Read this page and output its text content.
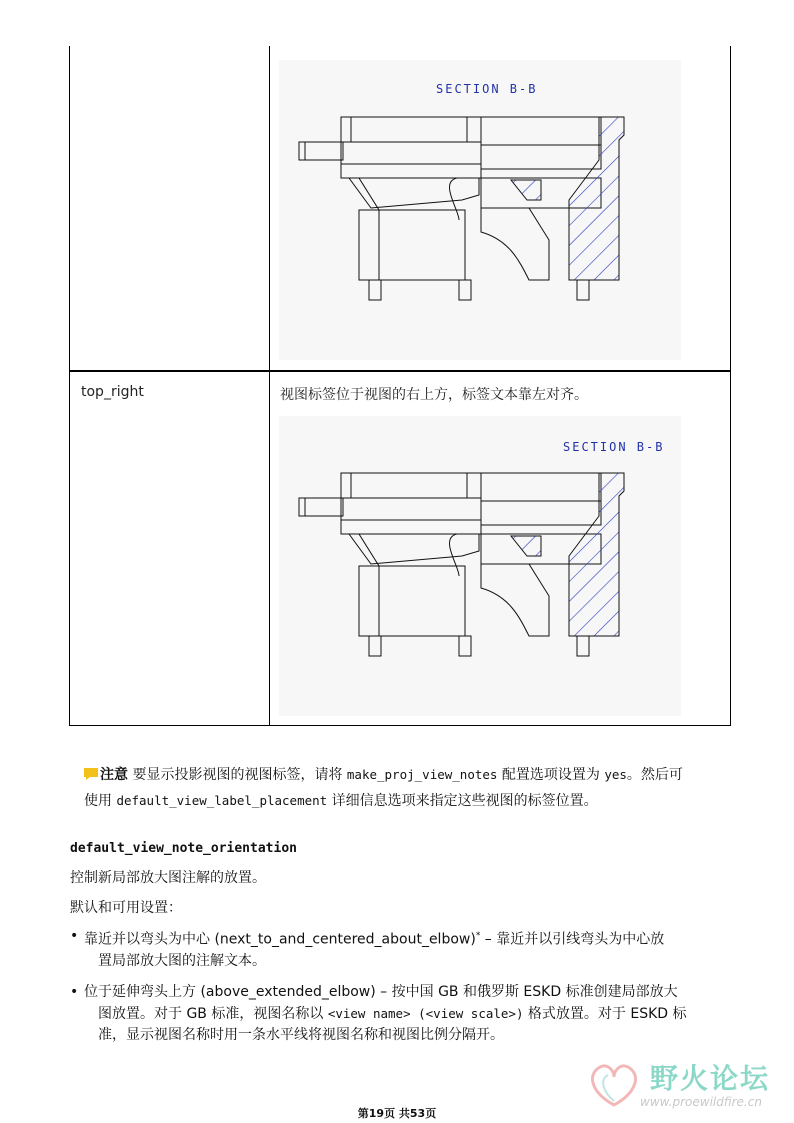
SECTION B-B
top_right	视图标签位于视图的右上方，标签文本靠左对齐。
SECTION B-B
注意 要显示投影视图的视图标签，请将 make_proj_view_notes 配置选项设置为 yes。然后可
使用 default_view_label_placement 详细信息选项来指定这些视图的标签位置。
default_view_note_orientation
控制新局部放大图注解的放置。
默认和可用设置：
• 靠近并以弯头为中心 (next_to_and_centered_about_elbow)* – 靠近并以引线弯头为中心放
置局部放大图的注解文本。
• 位于延伸弯头上方 (above_extended_elbow) – 按中国 GB 和俄罗斯 ESKD 标准创建局部放大
图放置。对于 GB 标准，视图名称以 <view name> (<view scale>) 格式放置。对于 ESKD 标
准，显示视图名称时用一条水平线将视图名称和视图比例分隔开。
野火论坛
www.proewildfire.cn
第19页 共53页
